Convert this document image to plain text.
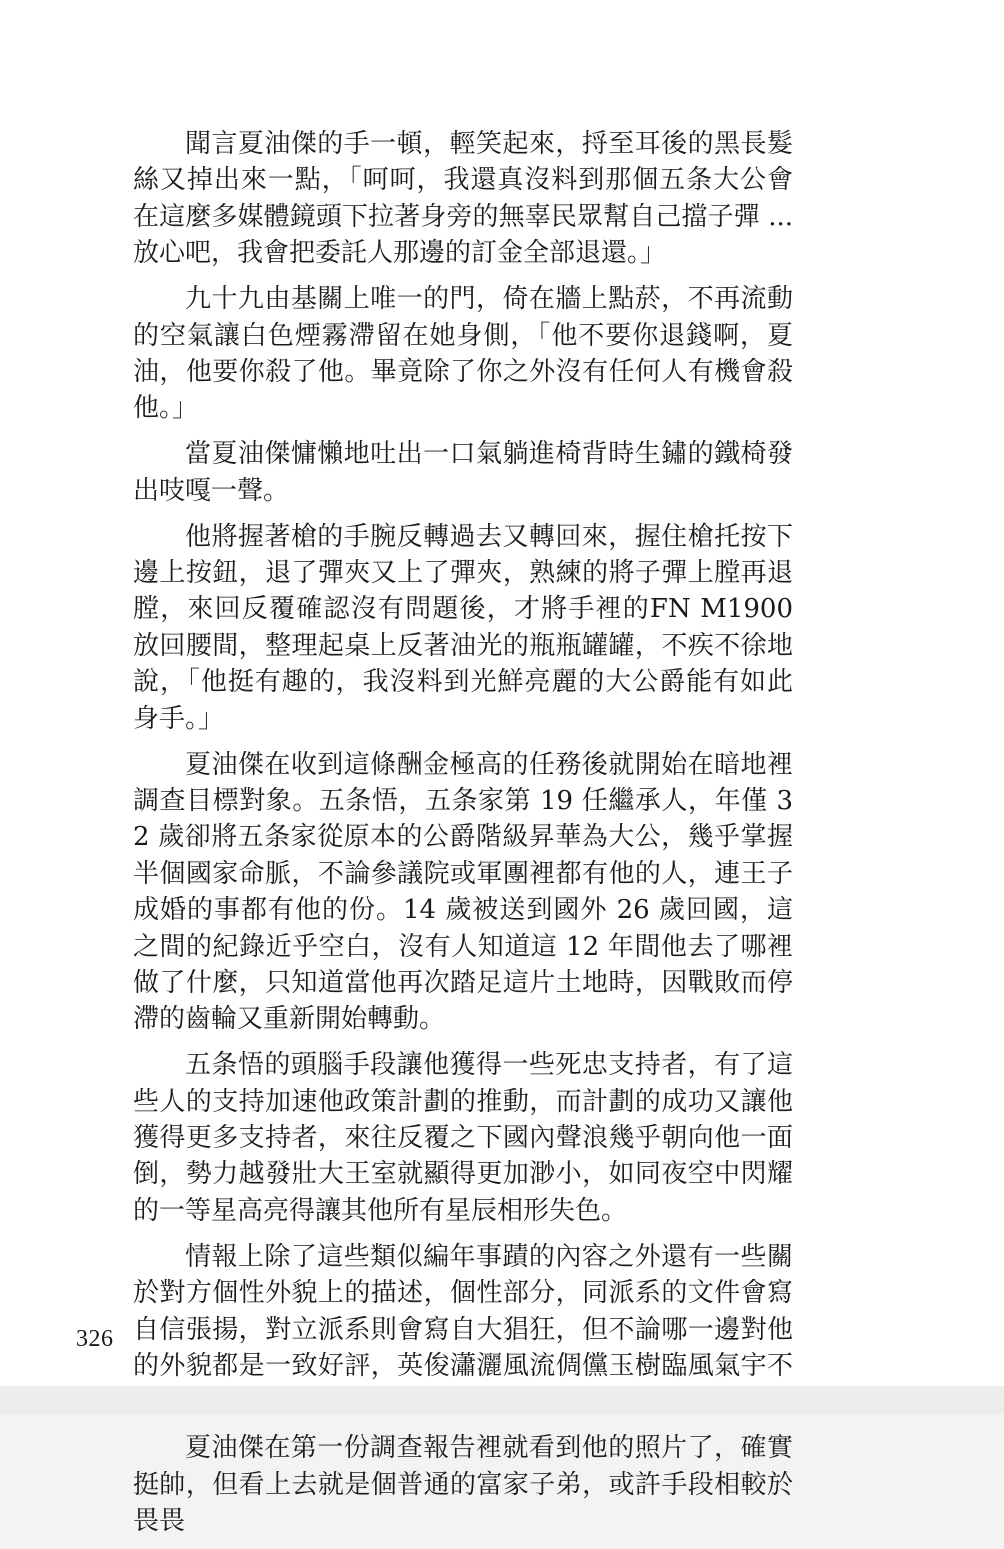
聞言夏油傑的手一頓，輕笑起來，捋至耳後的黑長髮絲又掉出來一點，「呵呵，我還真沒料到那個五条大公會在這麼多媒體鏡頭下拉著身旁的無辜民眾幫自己擋子彈 ... 放心吧，我會把委託人那邊的訂金全部退還。」

九十九由基關上唯一的門，倚在牆上點菸，不再流動的空氣讓白色煙霧滯留在她身側，「他不要你退錢啊，夏油，他要你殺了他。畢竟除了你之外沒有任何人有機會殺他。」

當夏油傑慵懶地吐出一口氣躺進椅背時生鏽的鐵椅發出吱嘎一聲。

他將握著槍的手腕反轉過去又轉回來，握住槍托按下邊上按鈕，退了彈夾又上了彈夾，熟練的將子彈上膛再退膛，來回反覆確認沒有問題後，才將手裡的FN M1900放回腰間，整理起桌上反著油光的瓶瓶罐罐，不疾不徐地說，「他挺有趣的，我沒料到光鮮亮麗的大公爵能有如此身手。」

夏油傑在收到這條酬金極高的任務後就開始在暗地裡調查目標對象。五条悟，五条家第 19 任繼承人，年僅 32 歲卻將五条家從原本的公爵階級昇華為大公，幾乎掌握半個國家命脈，不論參議院或軍團裡都有他的人，連王子成婚的事都有他的份。14 歲被送到國外 26 歲回國，這之間的紀錄近乎空白，沒有人知道這 12 年間他去了哪裡做了什麼，只知道當他再次踏足這片土地時，因戰敗而停滯的齒輪又重新開始轉動。

五条悟的頭腦手段讓他獲得一些死忠支持者，有了這些人的支持加速他政策計劃的推動，而計劃的成功又讓他獲得更多支持者，來往反覆之下國內聲浪幾乎朝向他一面倒，勢力越發壯大王室就顯得更加渺小，如同夜空中閃耀的一等星高亮得讓其他所有星辰相形失色。

情報上除了這些類似編年事蹟的內容之外還有一些關於對方個性外貌上的描述，個性部分，同派系的文件會寫自信張揚，對立派系則會寫自大猖狂，但不論哪一邊對他的外貌都是一致好評，英俊瀟灑風流倜儻玉樹臨風氣宇不

夏油傑在第一份調查報告裡就看到他的照片了，確實挺帥，但看上去就是個普通的富家子弟，或許手段相較於畏畏

326
